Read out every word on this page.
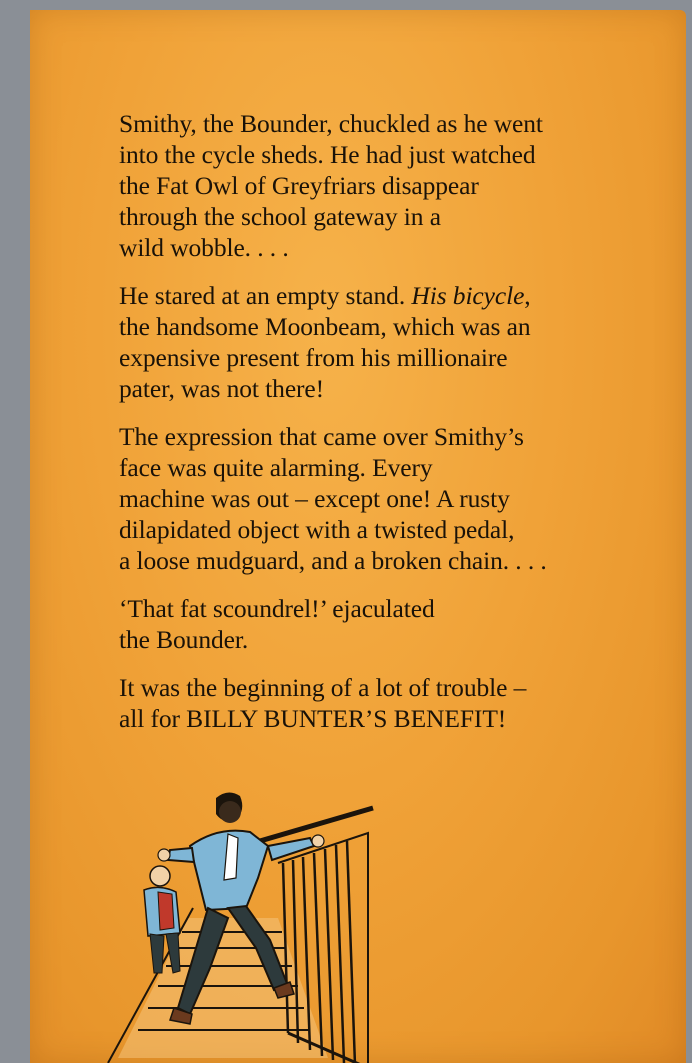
Smithy, the Bounder, chuckled as he went
into the cycle sheds. He had just watched
the Fat Owl of Greyfriars disappear
through the school gateway in a
wild wobble. . . .

He stared at an empty stand. His bicycle,
the handsome Moonbeam, which was an
expensive present from his millionaire
pater, was not there!

The expression that came over Smithy’s
face was quite alarming. Every
machine was out – except one! A rusty
dilapidated object with a twisted pedal,
a loose mudguard, and a broken chain. . . .

‘That fat scoundrel!’ ejaculated
the Bounder.

It was the beginning of a lot of trouble –
all for BILLY BUNTER’S BENEFIT!
